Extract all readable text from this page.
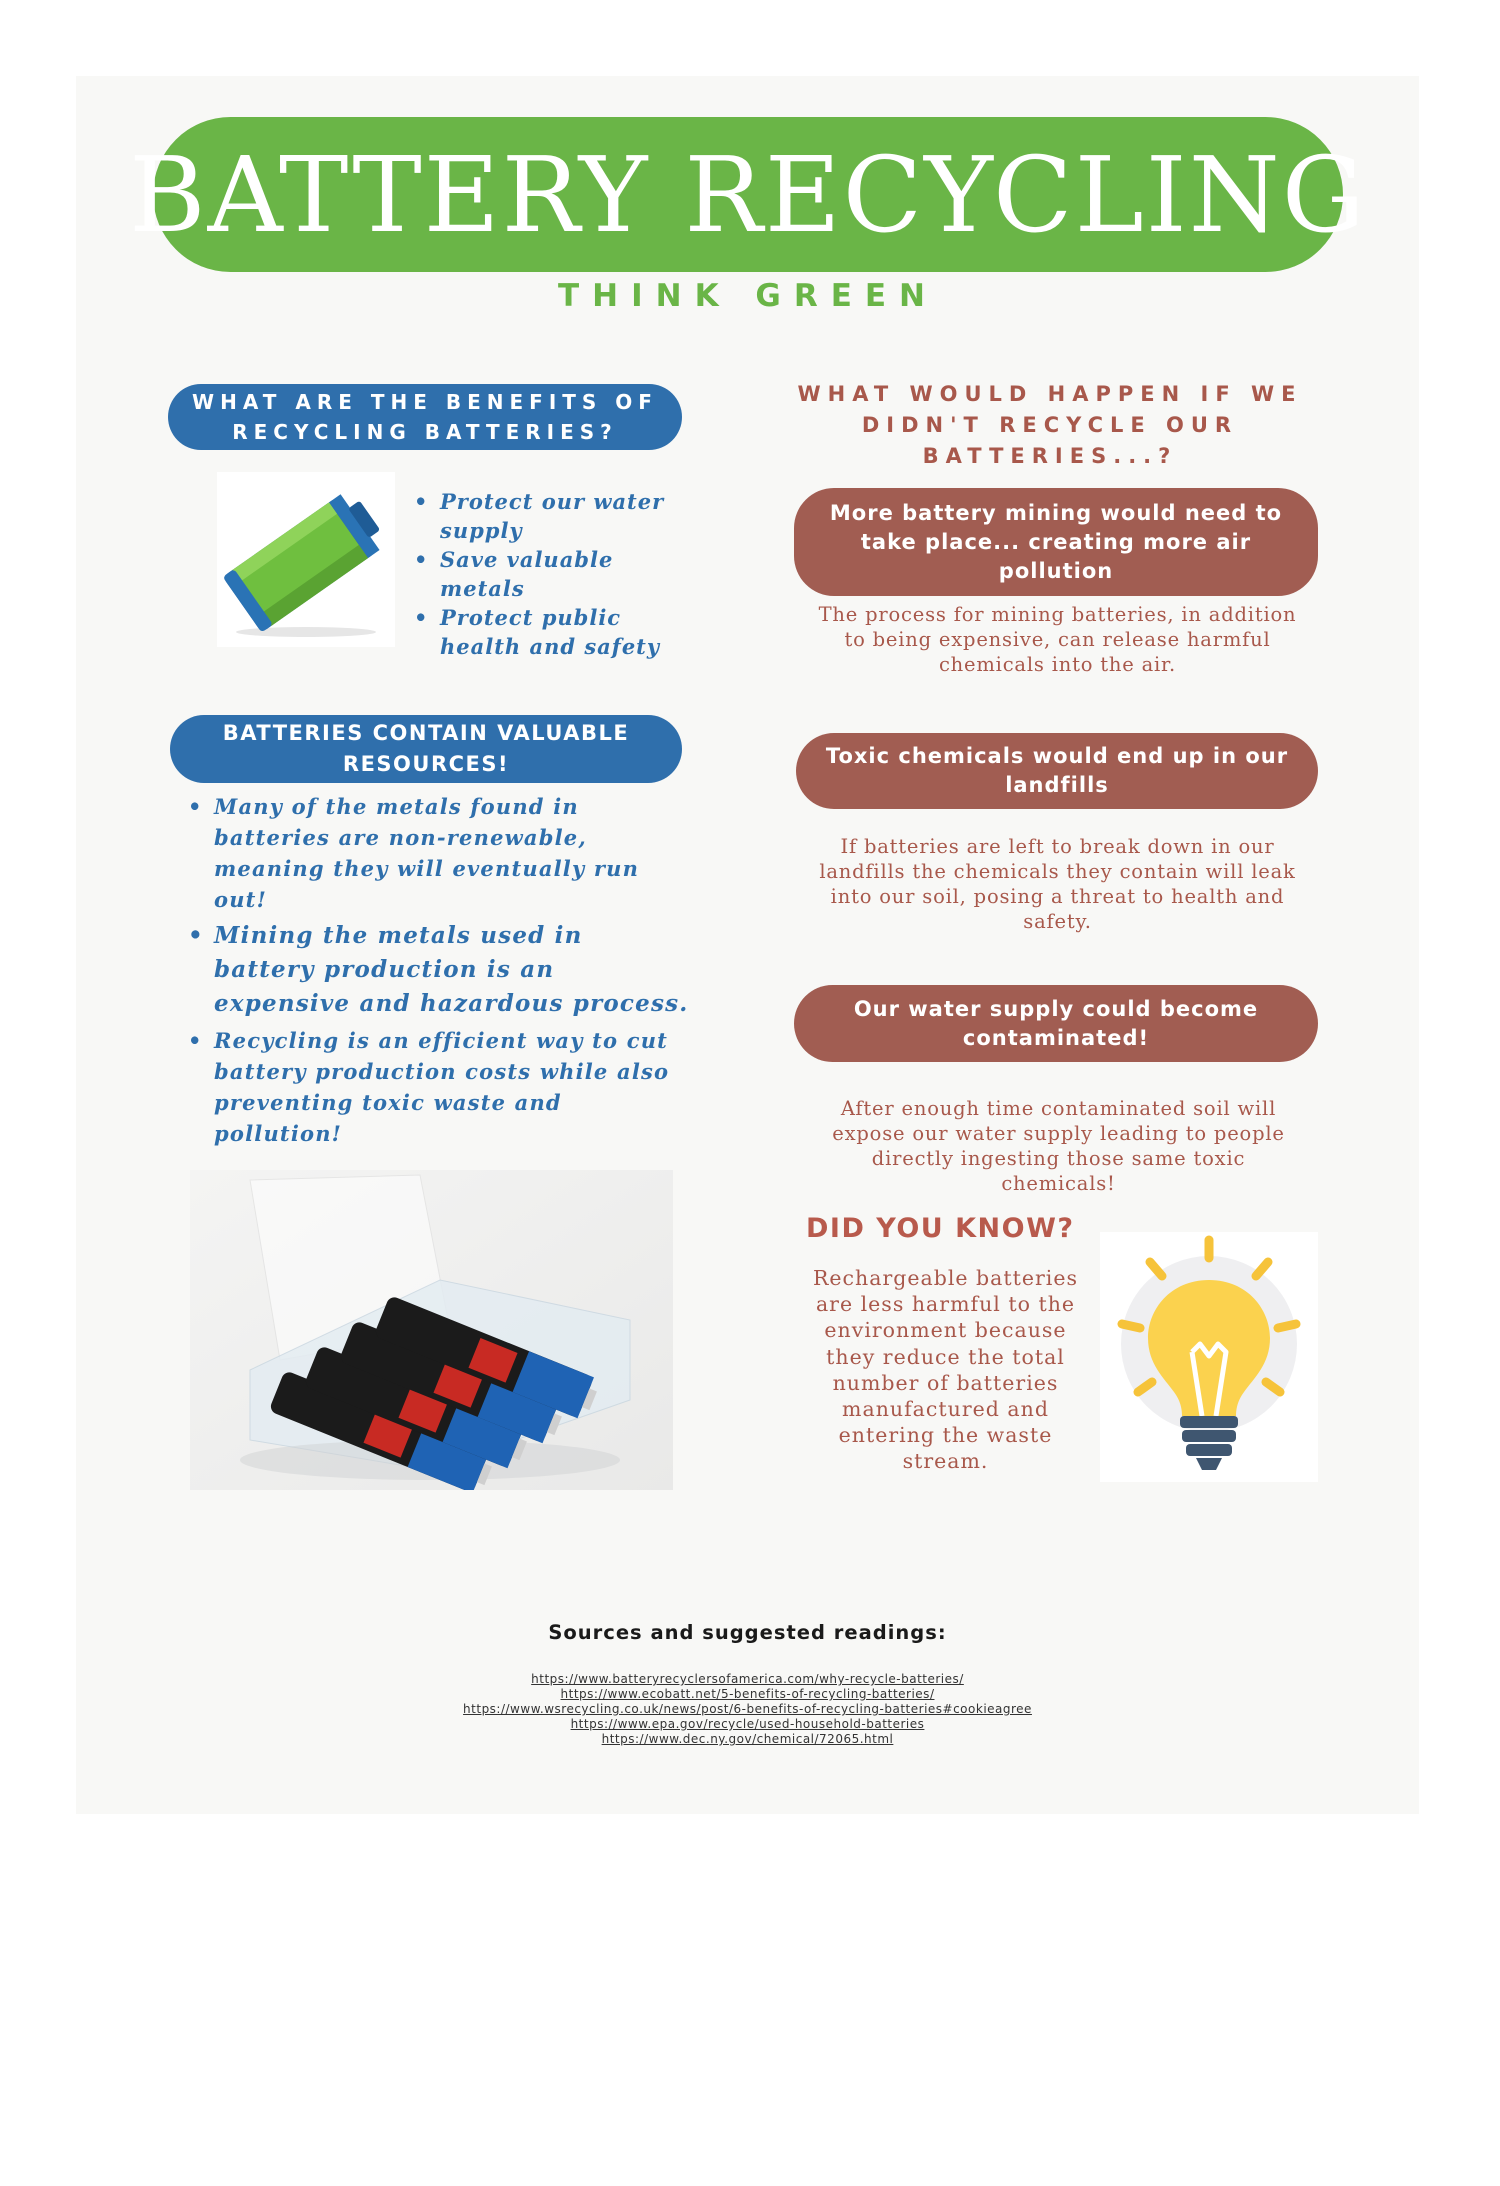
BATTERY RECYCLING
THINK GREEN
WHAT ARE THE BENEFITS OF
RECYCLING BATTERIES?
• Protect our water
supply
• Save valuable
metals
• Protect public
health and safety
BATTERIES CONTAIN VALUABLE
RESOURCES!
• Many of the metals found in
batteries are non-renewable,
meaning they will eventually run
out!
• Mining the metals used in
battery production is an
expensive and hazardous process.
• Recycling is an efficient way to cut
battery production costs while also
preventing toxic waste and
pollution!
WHAT WOULD HAPPEN IF WE
DIDN'T RECYCLE OUR
BATTERIES...?
More battery mining would need to
take place... creating more air
pollution
The process for mining batteries, in addition
to being expensive, can release harmful
chemicals into the air.
Toxic chemicals would end up in our
landfills
If batteries are left to break down in our
landfills the chemicals they contain will leak
into our soil, posing a threat to health and
safety.
Our water supply could become
contaminated!
After enough time contaminated soil will
expose our water supply leading to people
directly ingesting those same toxic
chemicals!
DID YOU KNOW?
Rechargeable batteries
are less harmful to the
environment because
they reduce the total
number of batteries
manufactured and
entering the waste
stream.
Sources and suggested readings:
https://www.batteryrecyclersofamerica.com/why-recycle-batteries/
https://www.ecobatt.net/5-benefits-of-recycling-batteries/
https://www.wsrecycling.co.uk/news/post/6-benefits-of-recycling-batteries#cookieagree
https://www.epa.gov/recycle/used-household-batteries
https://www.dec.ny.gov/chemical/72065.html
